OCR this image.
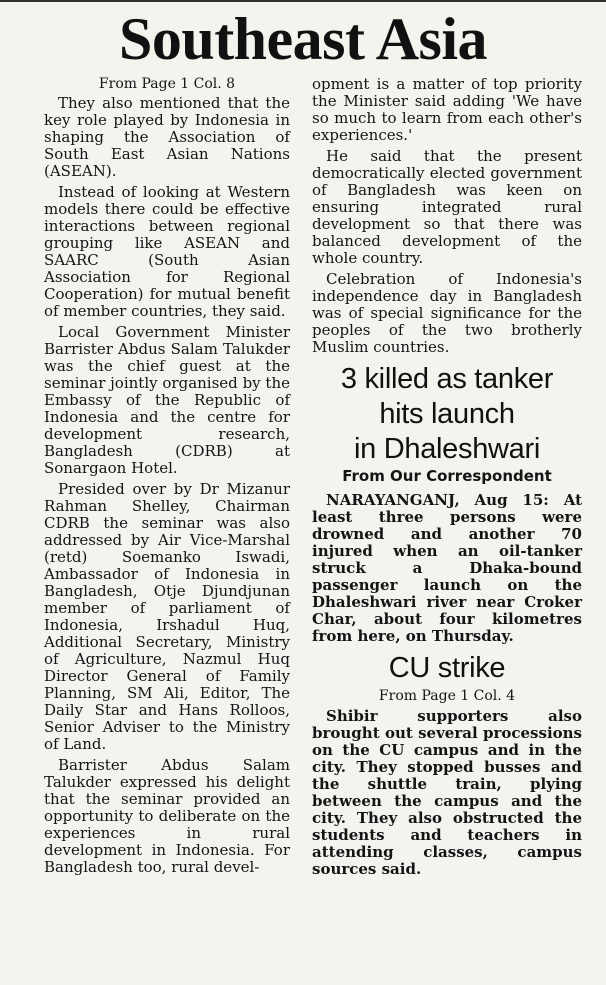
Southeast Asia
From Page 1 Col. 8

They also mentioned that the key role played by Indonesia in shaping the Association of South East Asian Nations (ASEAN).

Instead of looking at Western models there could be effective interactions between regional grouping like ASEAN and SAARC (South Asian Association for Regional Cooperation) for mutual benefit of member countries, they said.

Local Government Minister Barrister Abdus Salam Talukder was the chief guest at the seminar jointly organised by the Embassy of the Republic of Indonesia and the centre for development research, Bangladesh (CDRB) at Sonargaon Hotel.

Presided over by Dr Mizanur Rahman Shelley, Chairman CDRB the seminar was also addressed by Air Vice-Marshal (retd) Soemanko Iswadi, Ambassador of Indonesia in Bangladesh, Otje Djundjunan member of parliament of Indonesia, Irshadul Huq, Additional Secretary, Ministry of Agriculture, Nazmul Huq Director General of Family Planning, SM Ali, Editor, The Daily Star and Hans Rolloos, Senior Adviser to the Ministry of Land.

Barrister Abdus Salam Talukder expressed his delight that the seminar provided an opportunity to deliberate on the experiences in rural development in Indonesia. For Bangladesh too, rural devel-

opment is a matter of top priority the Minister said adding 'We have so much to learn from each other's experiences.'

He said that the present democratically elected government of Bangladesh was keen on ensuring integrated rural development so that there was balanced development of the whole country.

Celebration of Indonesia's independence day in Bangladesh was of special significance for the peoples of the two brotherly Muslim countries.

3 killed as tanker
hits launch
in Dhaleshwari
From Our Correspondent

NARAYANGANJ, Aug 15: At least three persons were drowned and another 70 injured when an oil-tanker struck a Dhaka-bound passenger launch on the Dhaleshwari river near Croker Char, about four kilometres from here, on Thursday.

CU strike
From Page 1 Col. 4

Shibir supporters also brought out several processions on the CU campus and in the city. They stopped busses and the shuttle train, plying between the campus and the city. They also obstructed the students and teachers in attending classes, campus sources said.
